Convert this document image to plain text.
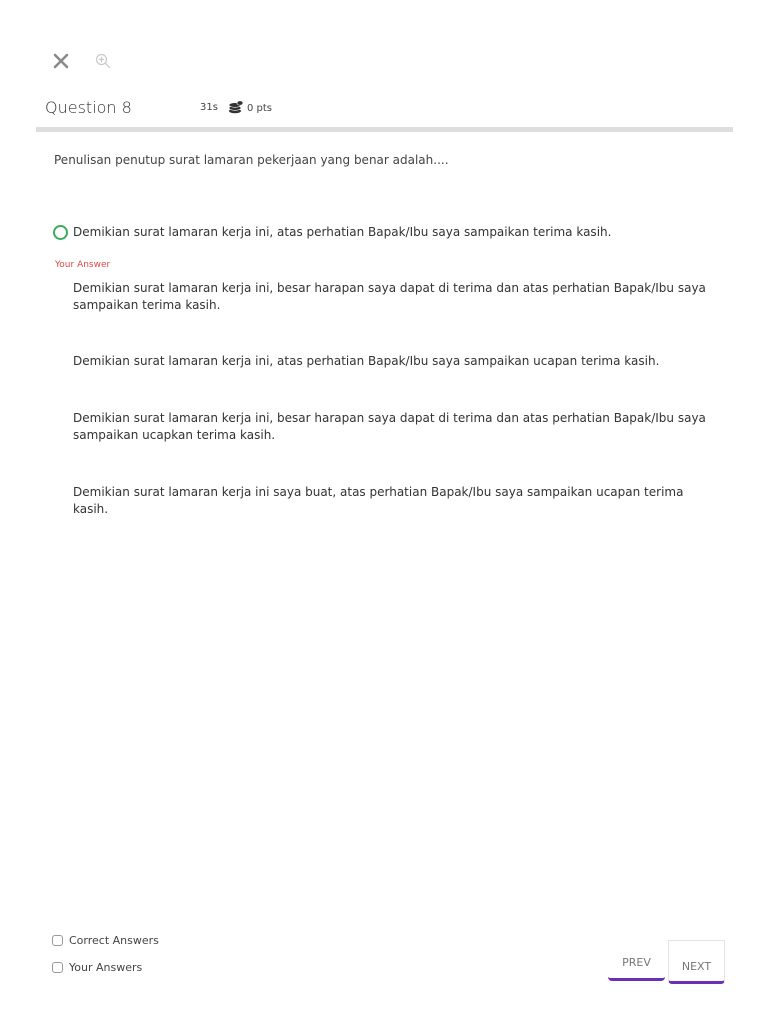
Question 8	31s	0 pts
Penulisan penutup surat lamaran pekerjaan yang benar adalah....
Demikian surat lamaran kerja ini, atas perhatian Bapak/Ibu saya sampaikan terima kasih.
Your Answer
Demikian surat lamaran kerja ini, besar harapan saya dapat di terima dan atas perhatian Bapak/Ibu saya sampaikan terima kasih.
Demikian surat lamaran kerja ini, atas perhatian Bapak/Ibu saya sampaikan ucapan terima kasih.
Demikian surat lamaran kerja ini, besar harapan saya dapat di terima dan atas perhatian Bapak/Ibu saya sampaikan ucapkan terima kasih.
Demikian surat lamaran kerja ini saya buat, atas perhatian Bapak/Ibu saya sampaikan ucapan terima kasih.
Correct Answers
Your Answers	PREV	NEXT
